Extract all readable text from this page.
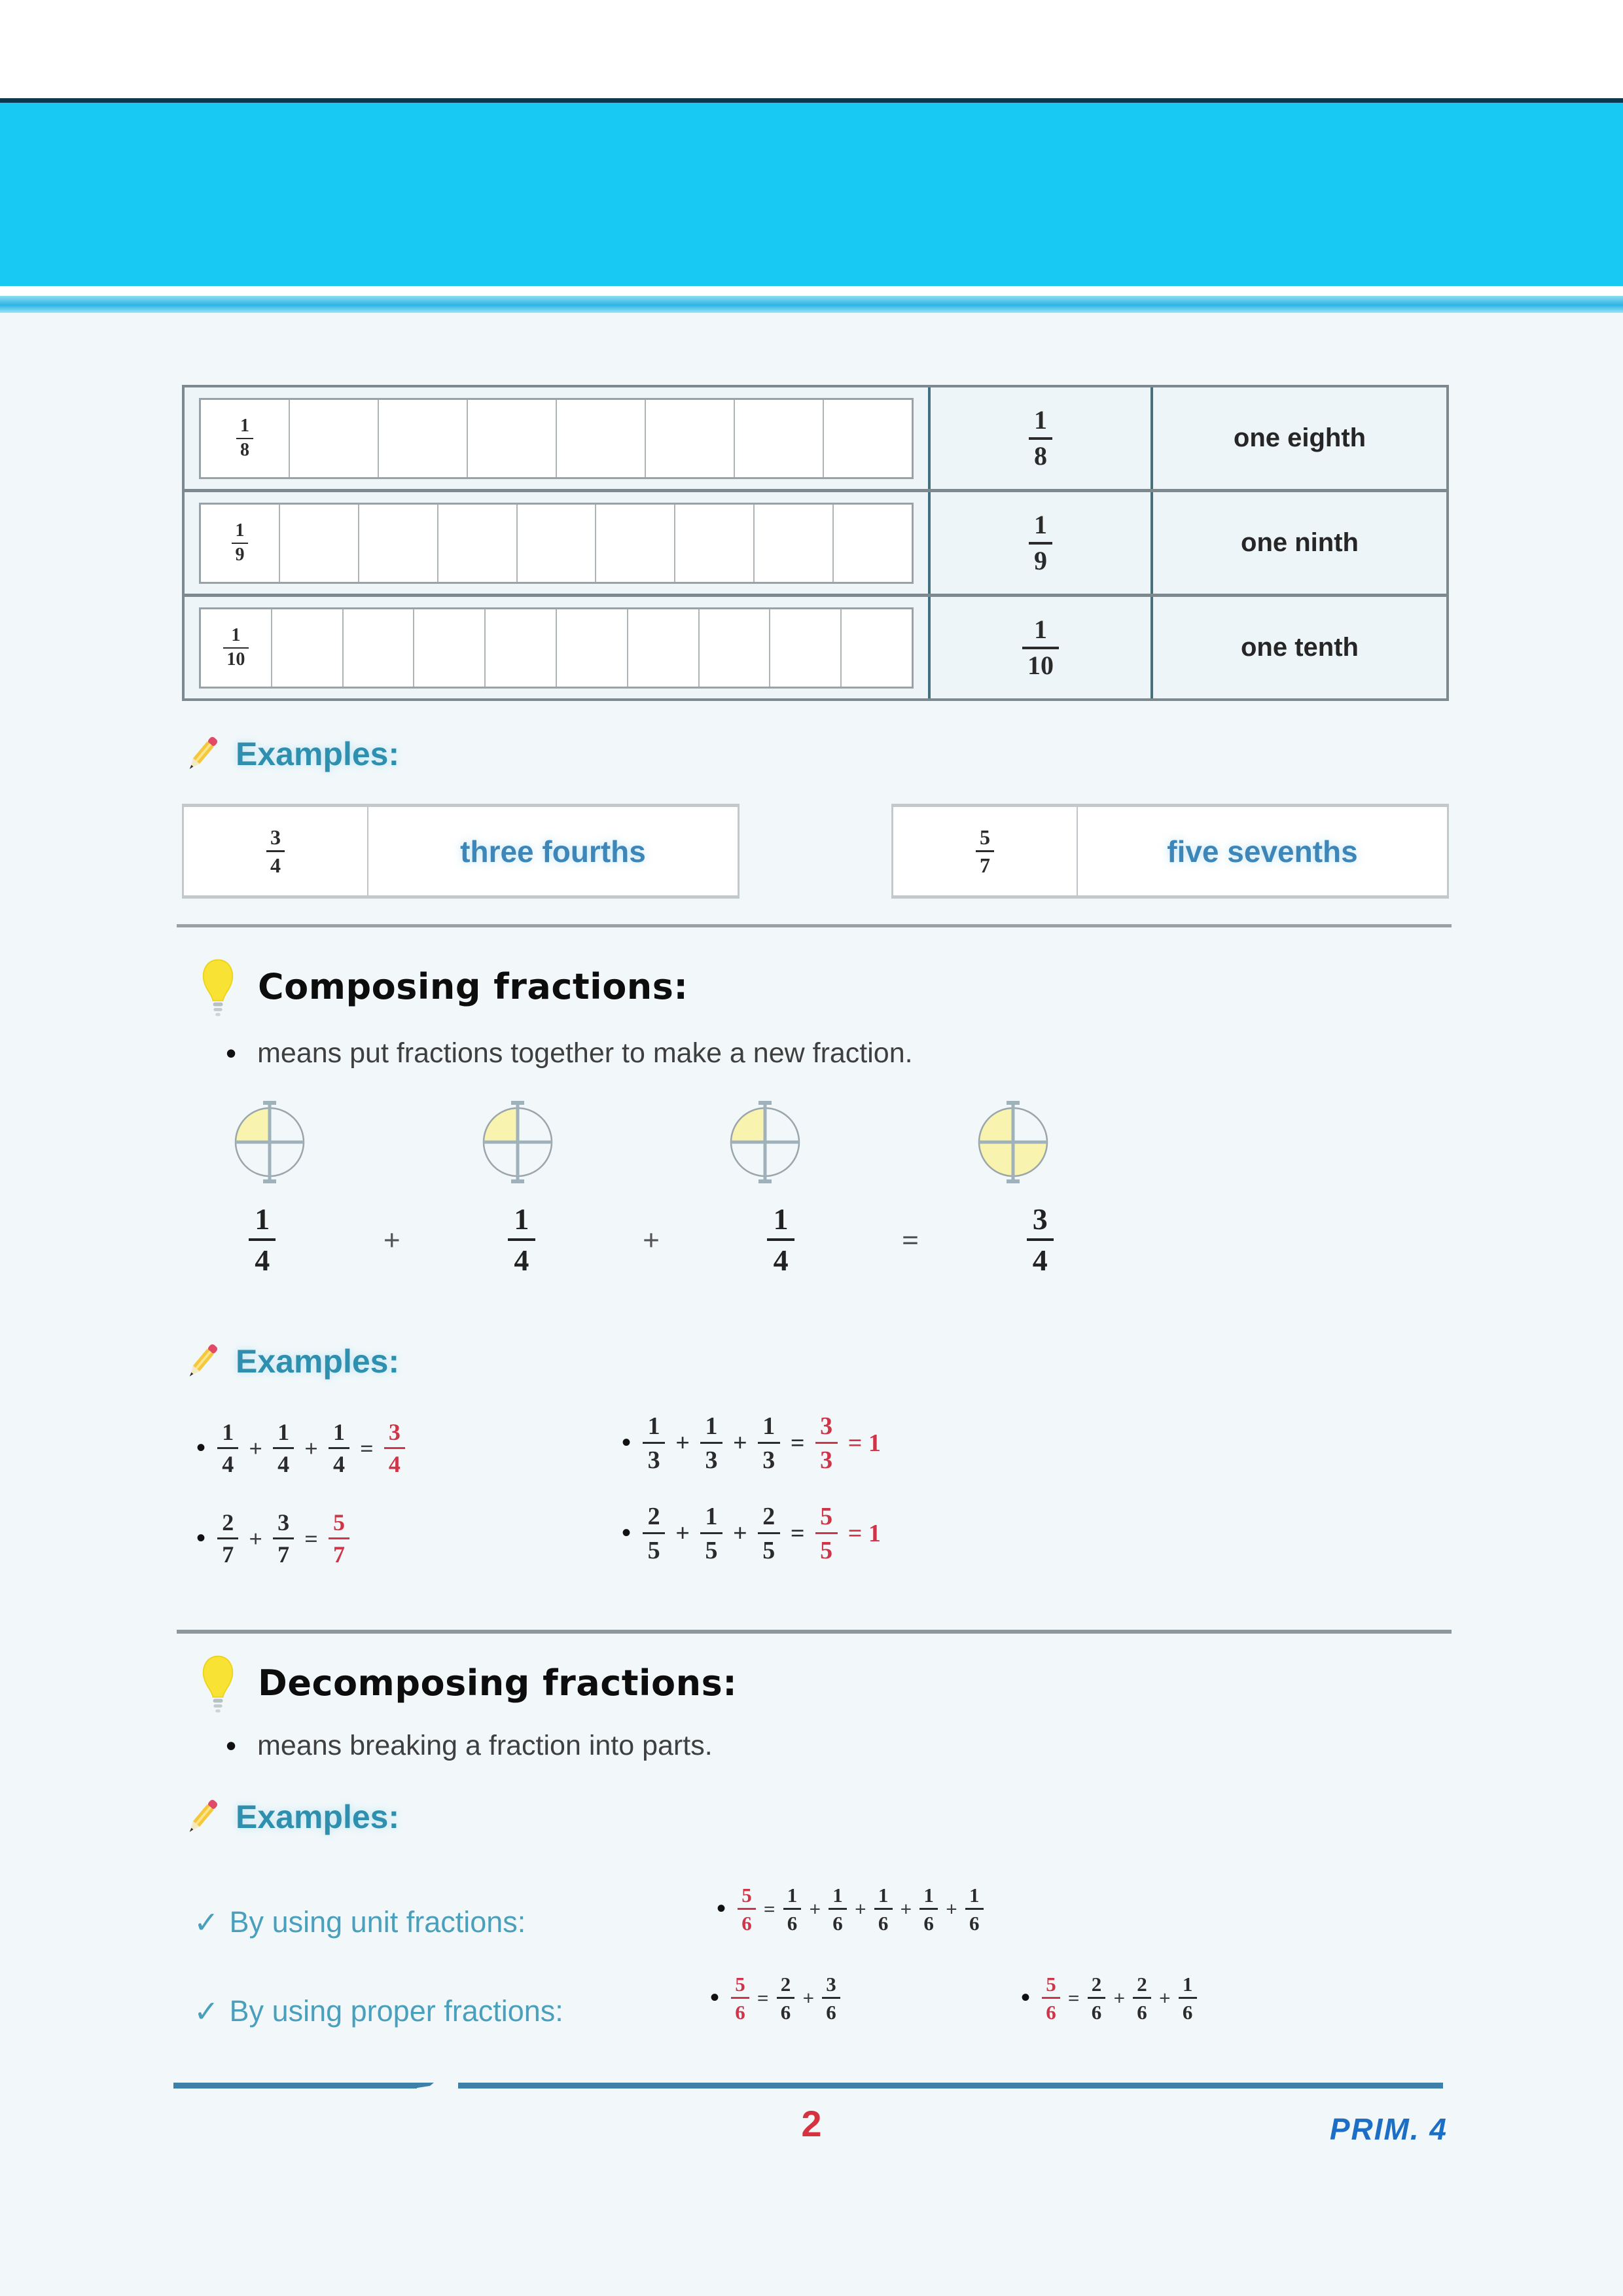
$\frac{1}{8}$	$\frac{1}{8}$	one eighth
$\frac{1}{9}$	$\frac{1}{9}$	one ninth
$\frac{1}{10}$	$\frac{1}{10}$	one tenth
Examples:
$\frac{3}{4}$	three fourths	$\frac{5}{7}$	five sevenths
Composing fractions:
• means put fractions together to make a new fraction.
$\frac{1}{4}$	+	$\frac{1}{4}$	+	$\frac{1}{4}$	=	$\frac{3}{4}$
Examples:
• $\frac{1}{4} + \frac{1}{4} + \frac{1}{4} = \frac{3}{4}$	• $\frac{1}{3} + \frac{1}{3} + \frac{1}{3} = \frac{3}{3} = 1$
• $\frac{2}{7} + \frac{3}{7} = \frac{5}{7}$	• $\frac{2}{5} + \frac{1}{5} + \frac{2}{5} = \frac{5}{5} = 1$
Decomposing fractions:
• means breaking a fraction into parts.
Examples:
✓ By using unit fractions:	• $\frac{5}{6} = \frac{1}{6} + \frac{1}{6} + \frac{1}{6} + \frac{1}{6} + \frac{1}{6}$
✓ By using proper fractions:	• $\frac{5}{6} = \frac{2}{6} + \frac{3}{6}$	• $\frac{5}{6} = \frac{2}{6} + \frac{2}{6} + \frac{1}{6}$
2	PRIM. 4
